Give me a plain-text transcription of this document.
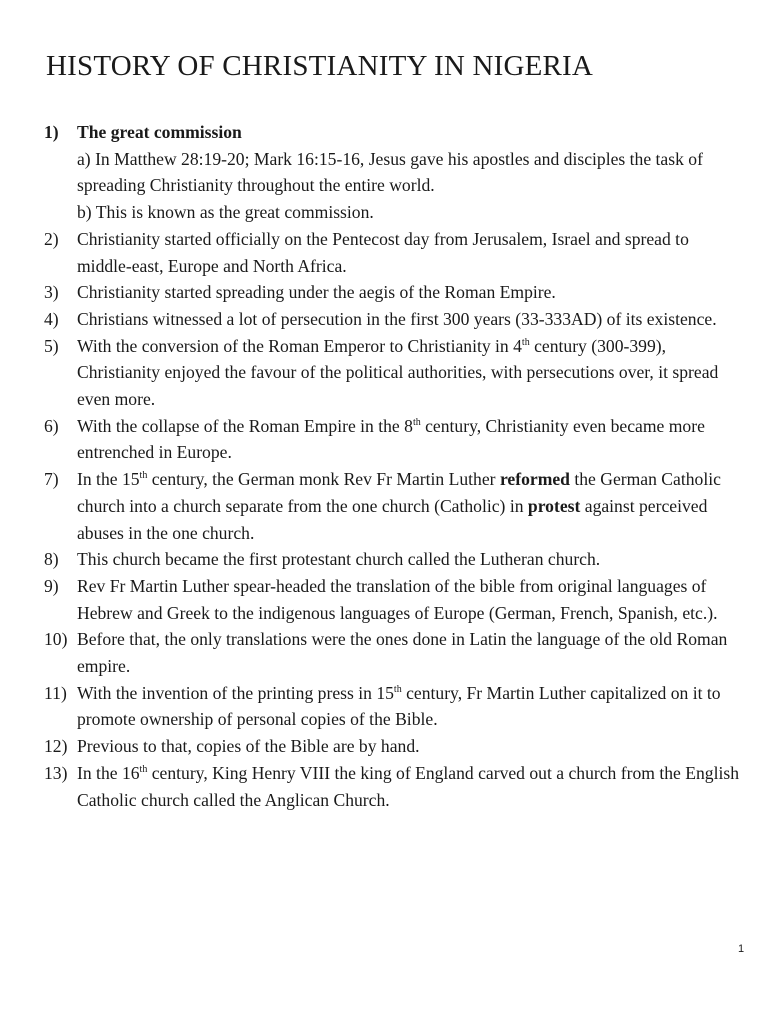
HISTORY OF CHRISTIANITY IN NIGERIA
1) The great commission
a) In Matthew 28:19-20; Mark 16:15-16, Jesus gave his apostles and disciples the task of spreading Christianity throughout the entire world.
b) This is known as the great commission.
2) Christianity started officially on the Pentecost day from Jerusalem, Israel and spread to middle-east, Europe and North Africa.
3) Christianity started spreading under the aegis of the Roman Empire.
4) Christians witnessed a lot of persecution in the first 300 years (33-333AD) of its existence.
5) With the conversion of the Roman Emperor to Christianity in 4th century (300-399), Christianity enjoyed the favour of the political authorities, with persecutions over, it spread even more.
6) With the collapse of the Roman Empire in the 8th century, Christianity even became more entrenched in Europe.
7) In the 15th century, the German monk Rev Fr Martin Luther reformed the German Catholic church into a church separate from the one church (Catholic) in protest against perceived abuses in the one church.
8) This church became the first protestant church called the Lutheran church.
9) Rev Fr Martin Luther spear-headed the translation of the bible from original languages of Hebrew and Greek to the indigenous languages of Europe (German, French, Spanish, etc.).
10) Before that, the only translations were the ones done in Latin the language of the old Roman empire.
11) With the invention of the printing press in 15th century, Fr Martin Luther capitalized on it to promote ownership of personal copies of the Bible.
12) Previous to that, copies of the Bible are by hand.
13) In the 16th century, King Henry VIII the king of England carved out a church from the English Catholic church called the Anglican Church.
1
